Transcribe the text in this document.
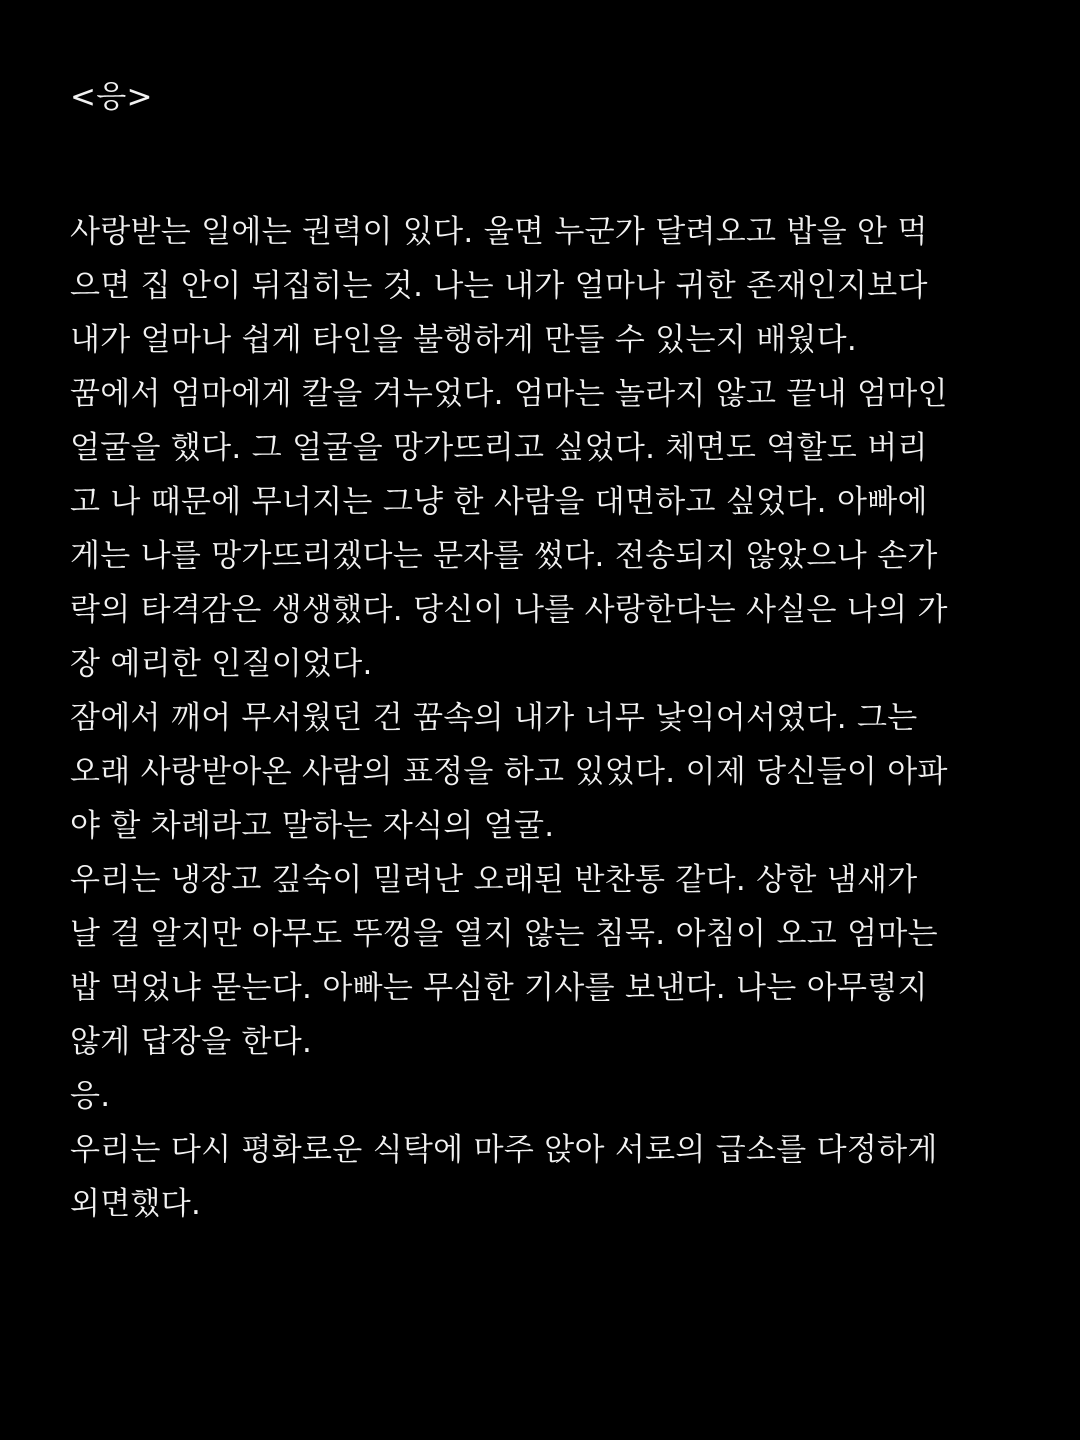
<응>

사랑받는 일에는 권력이 있다. 울면 누군가 달려오고 밥을 안 먹
으면 집 안이 뒤집히는 것. 나는 내가 얼마나 귀한 존재인지보다
내가 얼마나 쉽게 타인을 불행하게 만들 수 있는지 배웠다.

꿈에서 엄마에게 칼을 겨누었다. 엄마는 놀라지 않고 끝내 엄마인
얼굴을 했다. 그 얼굴을 망가뜨리고 싶었다. 체면도 역할도 버리
고 나 때문에 무너지는 그냥 한 사람을 대면하고 싶었다. 아빠에
게는 나를 망가뜨리겠다는 문자를 썼다. 전송되지 않았으나 손가
락의 타격감은 생생했다. 당신이 나를 사랑한다는 사실은 나의 가
장 예리한 인질이었다.

잠에서 깨어 무서웠던 건 꿈속의 내가 너무 낯익어서였다. 그는
오래 사랑받아온 사람의 표정을 하고 있었다. 이제 당신들이 아파
야 할 차례라고 말하는 자식의 얼굴.

우리는 냉장고 깊숙이 밀려난 오래된 반찬통 같다. 상한 냄새가
날 걸 알지만 아무도 뚜껑을 열지 않는 침묵. 아침이 오고 엄마는
밥 먹었냐 묻는다. 아빠는 무심한 기사를 보낸다. 나는 아무렇지
않게 답장을 한다.

응.

우리는 다시 평화로운 식탁에 마주 앉아 서로의 급소를 다정하게
외면했다.
